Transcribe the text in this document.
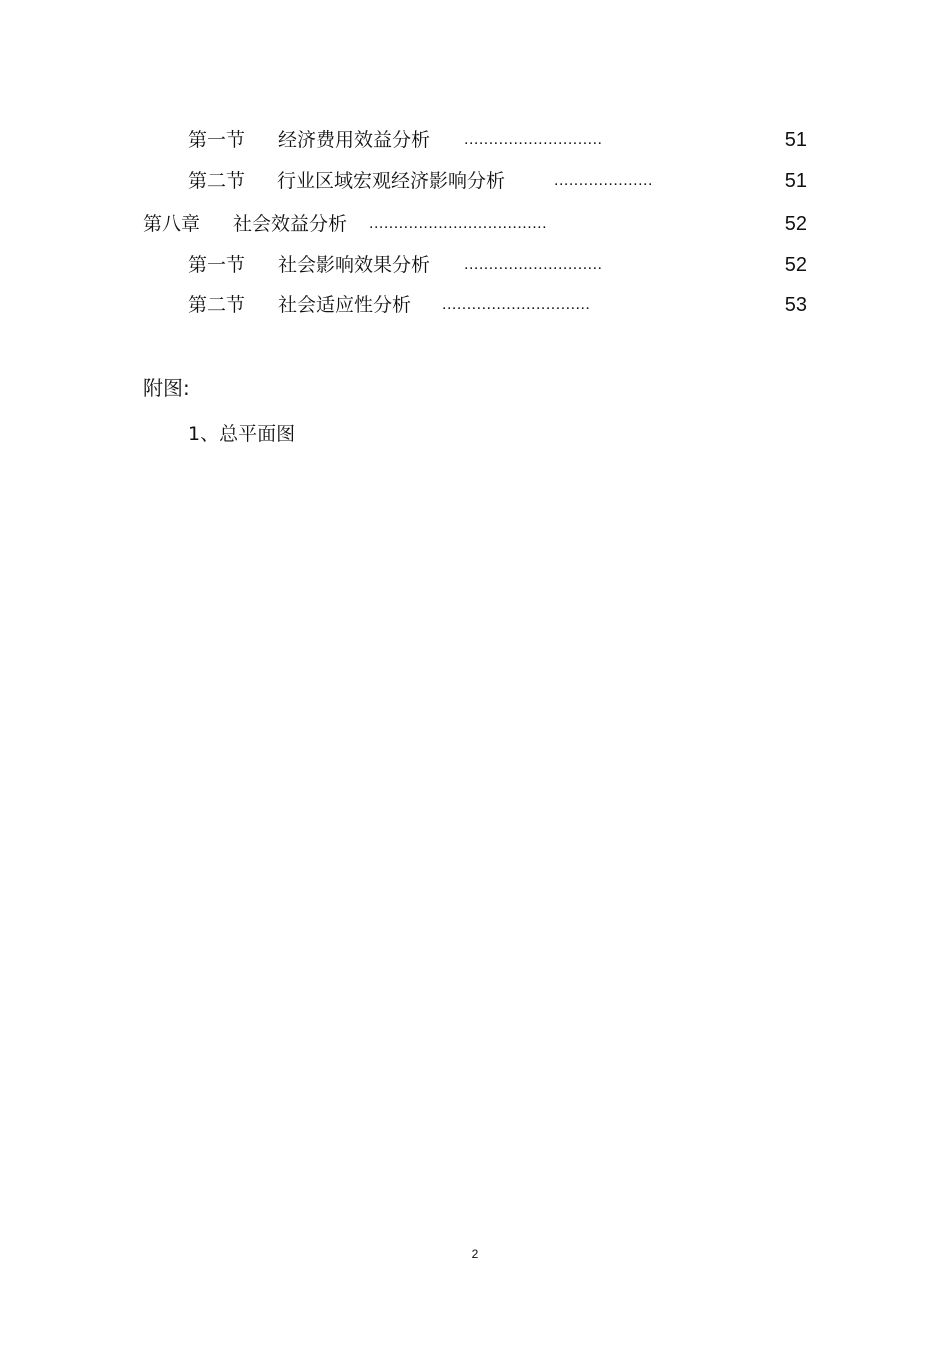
第一节 经济费用效益分析 ............................	51
第二节 行业区域宏观经济影响分析	....................	51
第八章 社会效益分析 ....................................	52
第一节 社会影响效果分析 ............................	52
第二节 社会适应性分析 ..............................	53
附图:
1、总平面图
2
